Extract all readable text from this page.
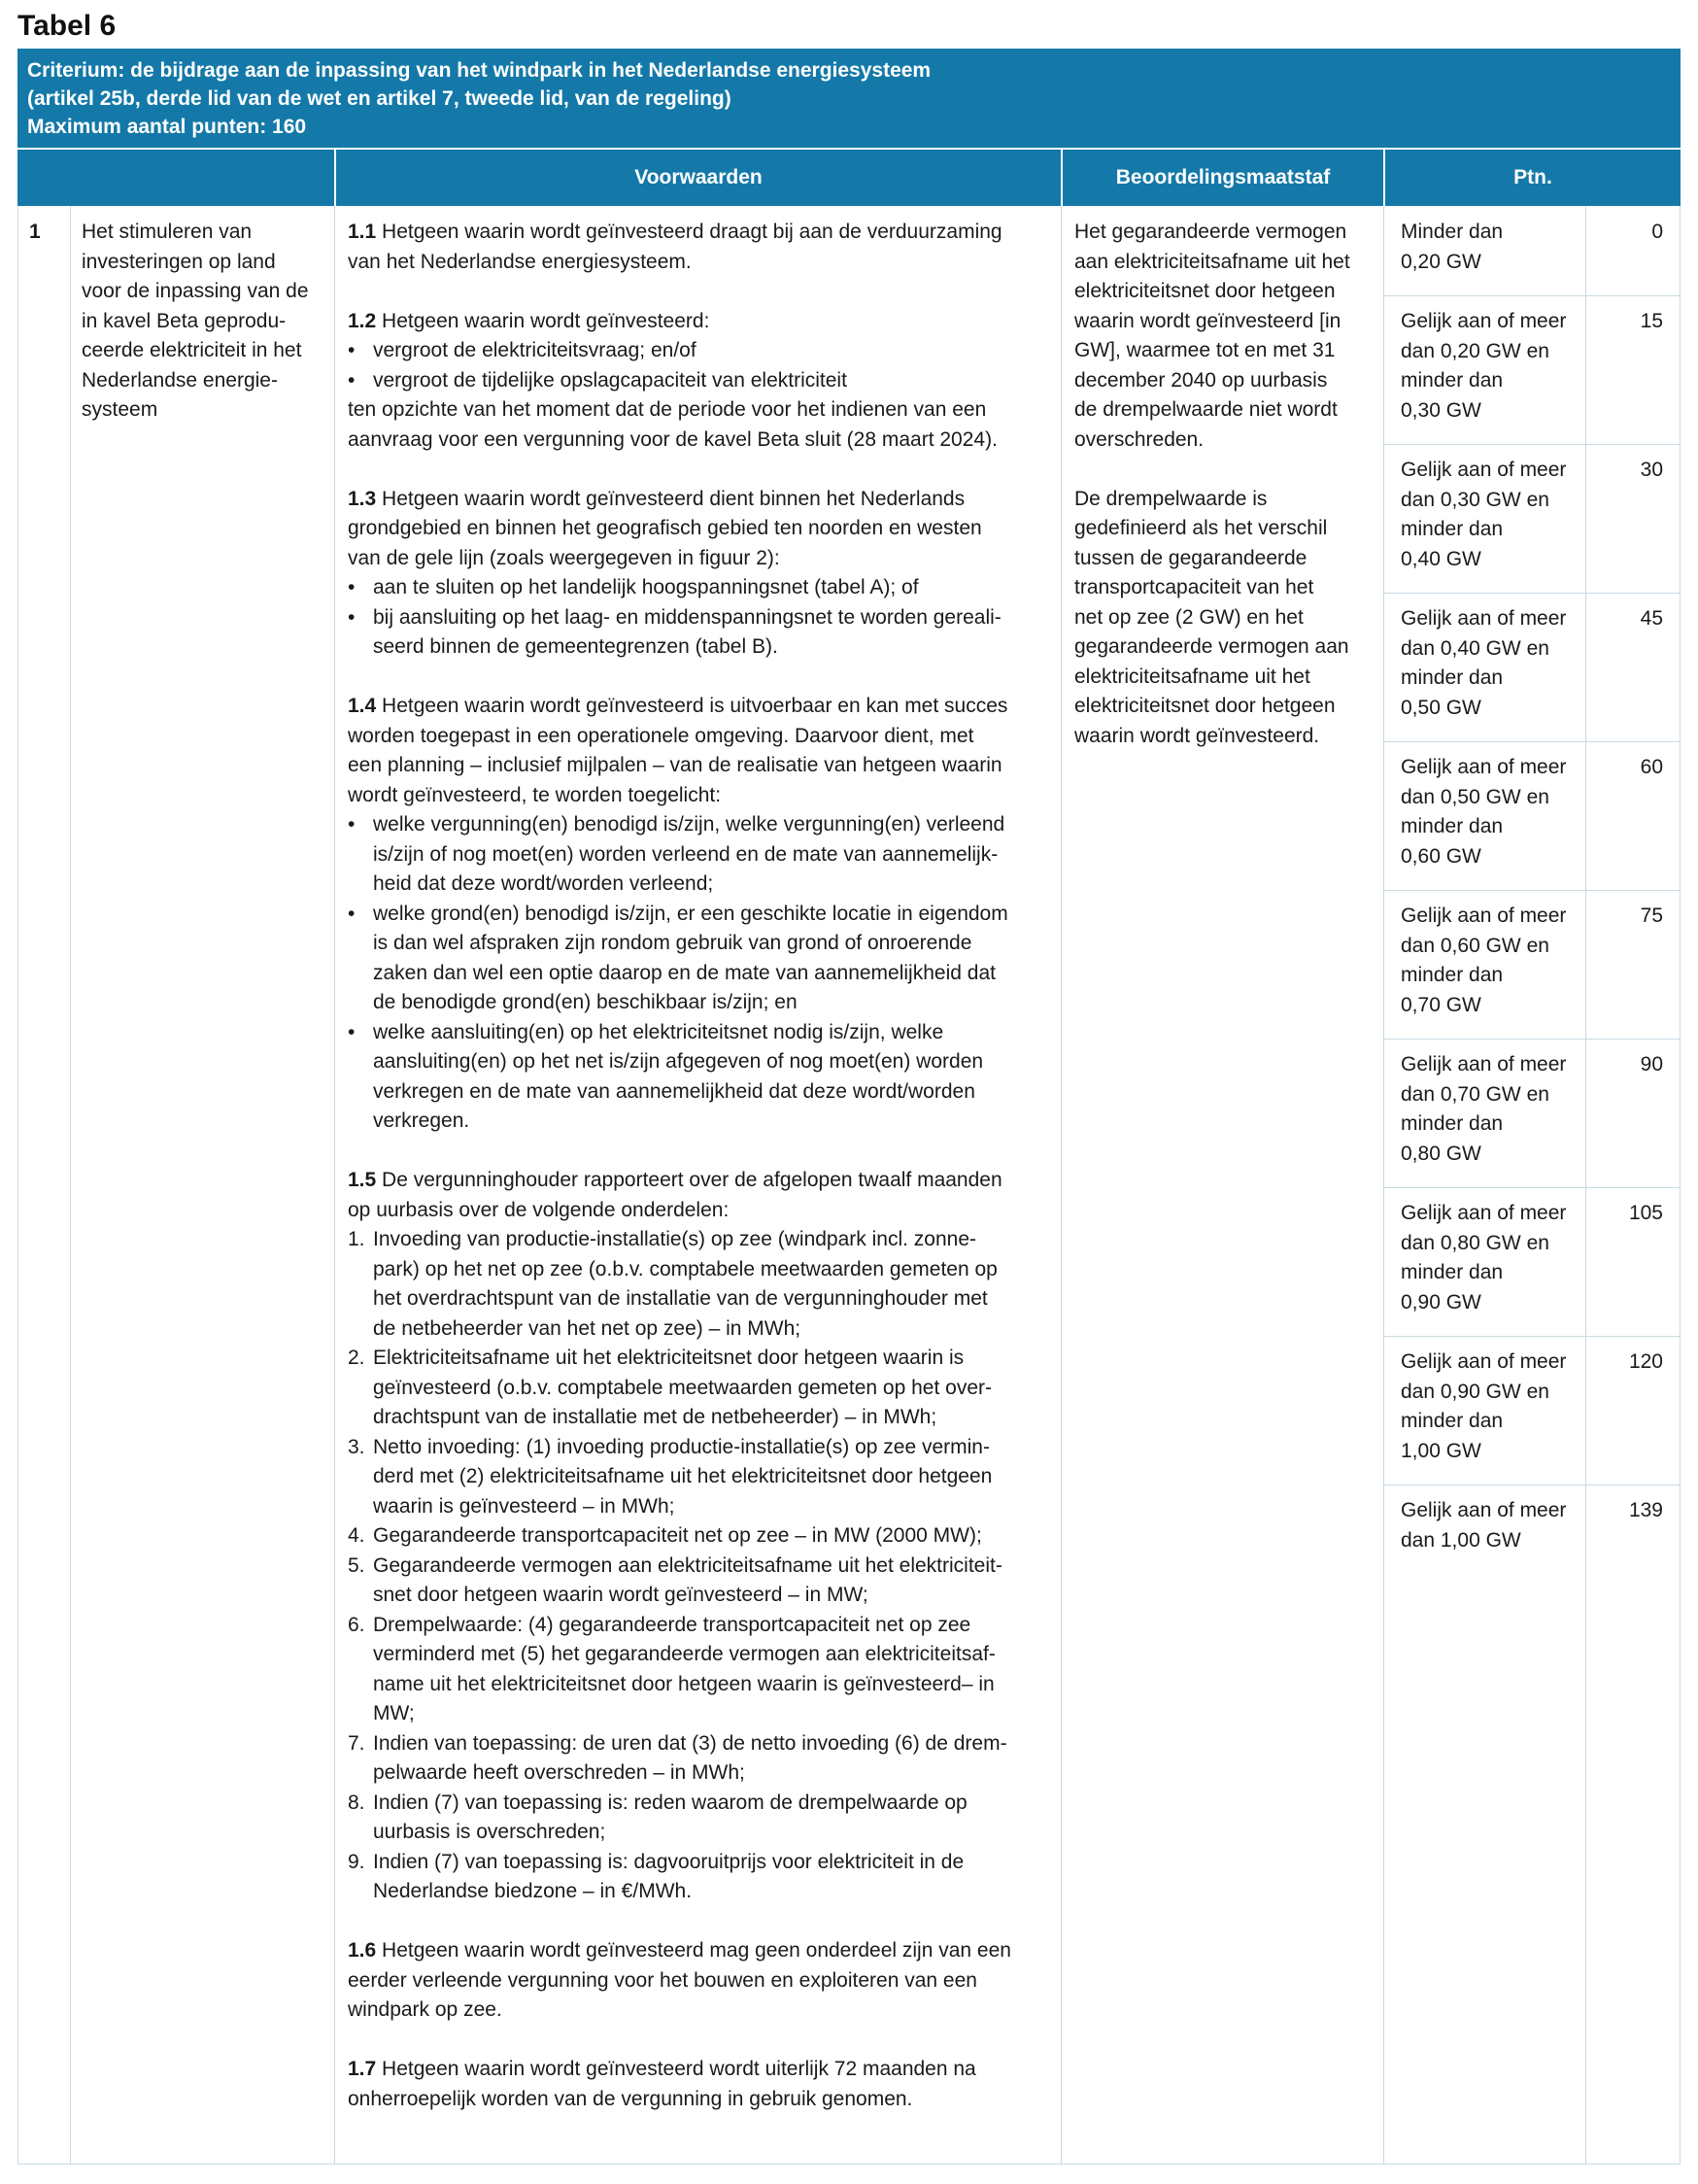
Tabel 6
Criterium: de bijdrage aan de inpassing van het windpark in het Nederlandse energiesysteem
(artikel 25b, derde lid van de wet en artikel 7, tweede lid, van de regeling)
Maximum aantal punten: 160
Voorwaarden	Beoordelingsmaatstaf	Ptn.
1 Het stimuleren van
investeringen op land
voor de inpassing van de
in kavel Beta geprodu-
ceerde elektriciteit in het
Nederlandse energie-
systeem
1.1 Hetgeen waarin wordt geïnvesteerd draagt bij aan de verduurzaming
van het Nederlandse energiesysteem.
1.2 Hetgeen waarin wordt geïnvesteerd:
• vergroot de elektriciteitsvraag; en/of
• vergroot de tijdelijke opslagcapaciteit van elektriciteit
ten opzichte van het moment dat de periode voor het indienen van een
aanvraag voor een vergunning voor de kavel Beta sluit (28 maart 2024).
1.3 Hetgeen waarin wordt geïnvesteerd dient binnen het Nederlands
grondgebied en binnen het geografisch gebied ten noorden en westen
van de gele lijn (zoals weergegeven in figuur 2):
• aan te sluiten op het landelijk hoogspanningsnet (tabel A); of
• bij aansluiting op het laag- en middenspanningsnet te worden gereali-
seerd binnen de gemeentegrenzen (tabel B).
1.4 Hetgeen waarin wordt geïnvesteerd is uitvoerbaar en kan met succes
worden toegepast in een operationele omgeving. Daarvoor dient, met
een planning – inclusief mijlpalen – van de realisatie van hetgeen waarin
wordt geïnvesteerd, te worden toegelicht:
• welke vergunning(en) benodigd is/zijn, welke vergunning(en) verleend
is/zijn of nog moet(en) worden verleend en de mate van aannemelijk-
heid dat deze wordt/worden verleend;
• welke grond(en) benodigd is/zijn, er een geschikte locatie in eigendom
is dan wel afspraken zijn rondom gebruik van grond of onroerende
zaken dan wel een optie daarop en de mate van aannemelijkheid dat
de benodigde grond(en) beschikbaar is/zijn; en
• welke aansluiting(en) op het elektriciteitsnet nodig is/zijn, welke
aansluiting(en) op het net is/zijn afgegeven of nog moet(en) worden
verkregen en de mate van aannemelijkheid dat deze wordt/worden
verkregen.
1.5 De vergunninghouder rapporteert over de afgelopen twaalf maanden
op uurbasis over de volgende onderdelen:
1. Invoeding van productie-installatie(s) op zee (windpark incl. zonne-
park) op het net op zee (o.b.v. comptabele meetwaarden gemeten op
het overdrachtspunt van de installatie van de vergunninghouder met
de netbeheerder van het net op zee) – in MWh;
2. Elektriciteitsafname uit het elektriciteitsnet door hetgeen waarin is
geïnvesteerd (o.b.v. comptabele meetwaarden gemeten op het over-
drachtspunt van de installatie met de netbeheerder) – in MWh;
3. Netto invoeding: (1) invoeding productie-installatie(s) op zee vermin-
derd met (2) elektriciteitsafname uit het elektriciteitsnet door hetgeen
waarin is geïnvesteerd – in MWh;
4. Gegarandeerde transportcapaciteit net op zee – in MW (2000 MW);
5. Gegarandeerde vermogen aan elektriciteitsafname uit het elektriciteit-
snet door hetgeen waarin wordt geïnvesteerd – in MW;
6. Drempelwaarde: (4) gegarandeerde transportcapaciteit net op zee
verminderd met (5) het gegarandeerde vermogen aan elektriciteitsaf-
name uit het elektriciteitsnet door hetgeen waarin is geïnvesteerd– in
MW;
7. Indien van toepassing: de uren dat (3) de netto invoeding (6) de drem-
pelwaarde heeft overschreden – in MWh;
8. Indien (7) van toepassing is: reden waarom de drempelwaarde op
uurbasis is overschreden;
9. Indien (7) van toepassing is: dagvooruitprijs voor elektriciteit in de
Nederlandse biedzone – in €/MWh.
1.6 Hetgeen waarin wordt geïnvesteerd mag geen onderdeel zijn van een
eerder verleende vergunning voor het bouwen en exploiteren van een
windpark op zee.
1.7 Hetgeen waarin wordt geïnvesteerd wordt uiterlijk 72 maanden na
onherroepelijk worden van de vergunning in gebruik genomen.
Het gegarandeerde vermogen
aan elektriciteitsafname uit het
elektriciteitsnet door hetgeen
waarin wordt geïnvesteerd [in
GW], waarmee tot en met 31
december 2040 op uurbasis
de drempelwaarde niet wordt
overschreden.
De drempelwaarde is
gedefinieerd als het verschil
tussen de gegarandeerde
transportcapaciteit van het
net op zee (2 GW) en het
gegarandeerde vermogen aan
elektriciteitsafname uit het
elektriciteitsnet door hetgeen
waarin wordt geïnvesteerd.
Minder dan
0,20 GW
0
Gelijk aan of meer
dan 0,20 GW en
minder dan
0,30 GW
15
Gelijk aan of meer
dan 0,30 GW en
minder dan
0,40 GW
30
Gelijk aan of meer
dan 0,40 GW en
minder dan
0,50 GW
45
Gelijk aan of meer
dan 0,50 GW en
minder dan
0,60 GW
60
Gelijk aan of meer
dan 0,60 GW en
minder dan
0,70 GW
75
Gelijk aan of meer
dan 0,70 GW en
minder dan
0,80 GW
90
Gelijk aan of meer
dan 0,80 GW en
minder dan
0,90 GW
105
Gelijk aan of meer
dan 0,90 GW en
minder dan
1,00 GW
120
Gelijk aan of meer
dan 1,00 GW
139
